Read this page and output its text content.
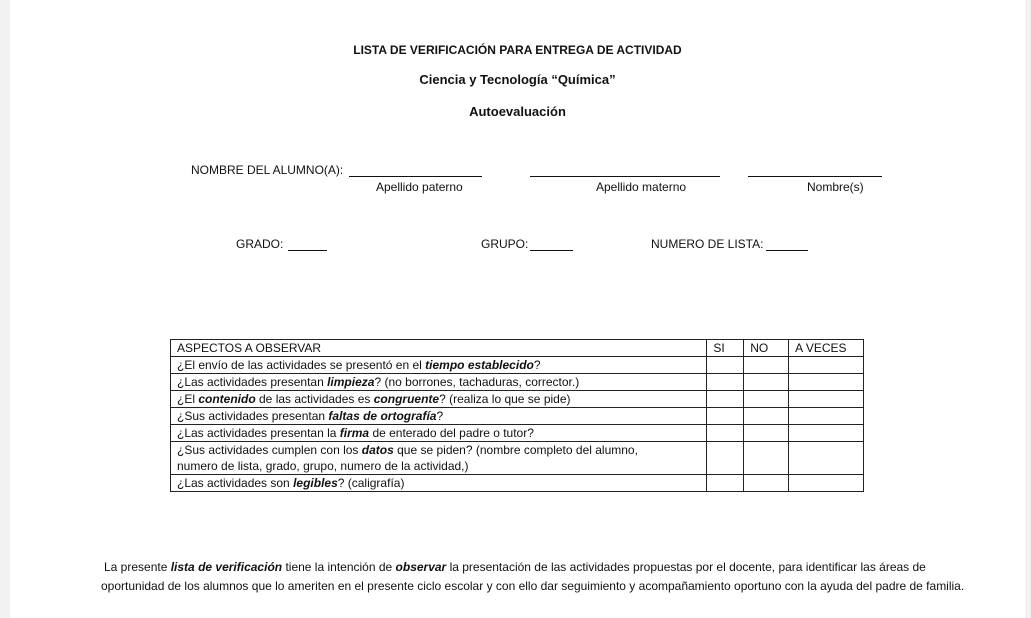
LISTA DE VERIFICACIÓN PARA ENTREGA DE ACTIVIDAD
Ciencia y Tecnología “Química”
Autoevaluación
NOMBRE DEL ALUMNO(A):
Apellido paterno	Apellido materno	Nombre(s)
GRADO:	GRUPO:	NUMERO DE LISTA:
ASPECTOS A OBSERVAR	SI	NO	A VECES
¿El envío de las actividades se presentó en el tiempo establecido?			
¿Las actividades presentan limpieza? (no borrones, tachaduras, corrector.)			
¿El contenido de las actividades es congruente? (realiza lo que se pide)			
¿Sus actividades presentan faltas de ortografía?			
¿Las actividades presentan la firma de enterado del padre o tutor?			
¿Sus actividades cumplen con los datos que se piden? (nombre completo del alumno,
numero de lista, grado, grupo, numero de la actividad,)			
¿Las actividades son legibles? (caligrafía)			
La presente lista de verificación tiene la intención de observar la presentación de las actividades propuestas por el docente, para identificar las áreas de oportunidad de los alumnos que lo ameriten en el presente ciclo escolar y con ello dar seguimiento y acompañamiento oportuno con la ayuda del padre de familia.
